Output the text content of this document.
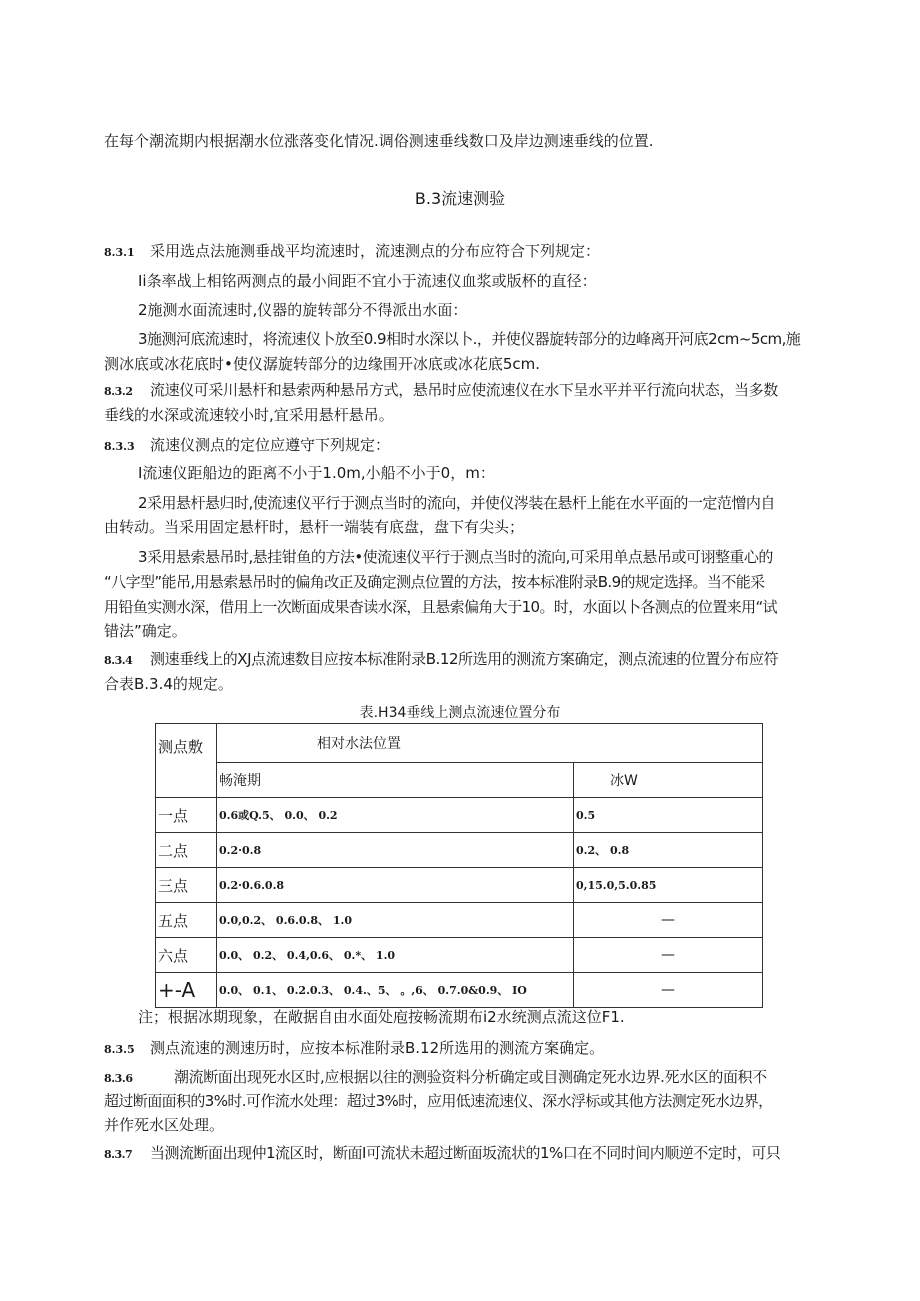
在每个潮流期内根据潮水位涨落变化情况.调俗测速垂线数口及岸边测速垂线的位置.
B.3流速测验
8.3.1 采用选点法施测垂战平均流速时，流速测点的分布应符合下列规定：
Ii条率战上相铭两测点的最小间距不宜小于流速仪血浆或版杯的直径：
2施测水面流速时,仪器的旋转部分不得派出水面：
3施测河底流速时，将流速仪卜放至0.9相时水深以卜.，并使仪器旋转部分的边峰离开河底2cm~5cm,施
测冰底或冰花底时•使仪潺旋转部分的边缘围开冰底或冰花底5cm.
8.3.2 流速仪可采川悬杆和悬索两种悬吊方式，悬吊时应使流速仪在水下呈水平并平行流向状态，当多数
垂线的水深或流速较小时,宜采用悬杆悬吊。
8.3.3 流速仪测点的定位应遵守下列规定：
I流速仪距船边的距离不小于1.0m,小船不小于0，m：
2采用悬杆悬归时,使流速仪平行于测点当时的流向，并使仪涔装在悬杆上能在水平面的一定范憎内自
由转动。当采用固定悬杆时，悬杆一端装有底盘，盘下有尖头；
3采用悬索悬吊时,悬挂钳鱼的方法•使流速仪平行于测点当时的流向,可采用单点悬吊或可诩整重心的
“八字型”能吊,用悬索悬吊时的偏角改正及确定测点位置的方法，按本标准附录B.9的规定选择。当不能采
用铅鱼实测水深，借用上一次断面成果杳读水深，且悬索偏角大于10。时，水面以卜各测点的位置来用“试
错法”确定。
8.3.4 测速垂线上的XJ点流速数目应按本标准附录B.12所选用的测流方案确定，测点流速的位置分布应符
合表B.3.4的规定。
表.H34垂线上测点流速位置分布
测点敷	相对水法位置	
	畅淹期	冰W
一点	0.6或Q.5、 0.0、 0.2	0.5
二点	0.2·0.8	0.2、 0.8
三点	0.2·0.6.0.8	0,15.0,5.0.85
五点	0.0,0.2、 0.6.0.8、 1.0	—
六点	0.0、 0.2、 0.4,0.6、 0.*、 1.0	—
+-A	0.0、 0.1、 0.2.0.3、 0.4.、5、 。,6、 0.7.0&0.9、 IO	—
注；根据冰期现象，在敞据自由水面处庖按畅流期布i2水统测点流这位F1.
8.3.5 测点流速的测速历时，应按本标准附录B.12所选用的测流方案确定。
8.3.6	潮流断面出现死水区时,应根据以往的测验资料分析确定或目测确定死水边界.死水区的面积不
超过断面面积的3%时.可作流水处理：超过3%时，应用低速流速仪、深水浮标或其他方法测定死水边界，
并作死水区处理。
8.3.7 当测流断面出现仲1流区时，断面I可流状未超过断面坂流状的1%口在不同时间内顺逆不定时，可只
